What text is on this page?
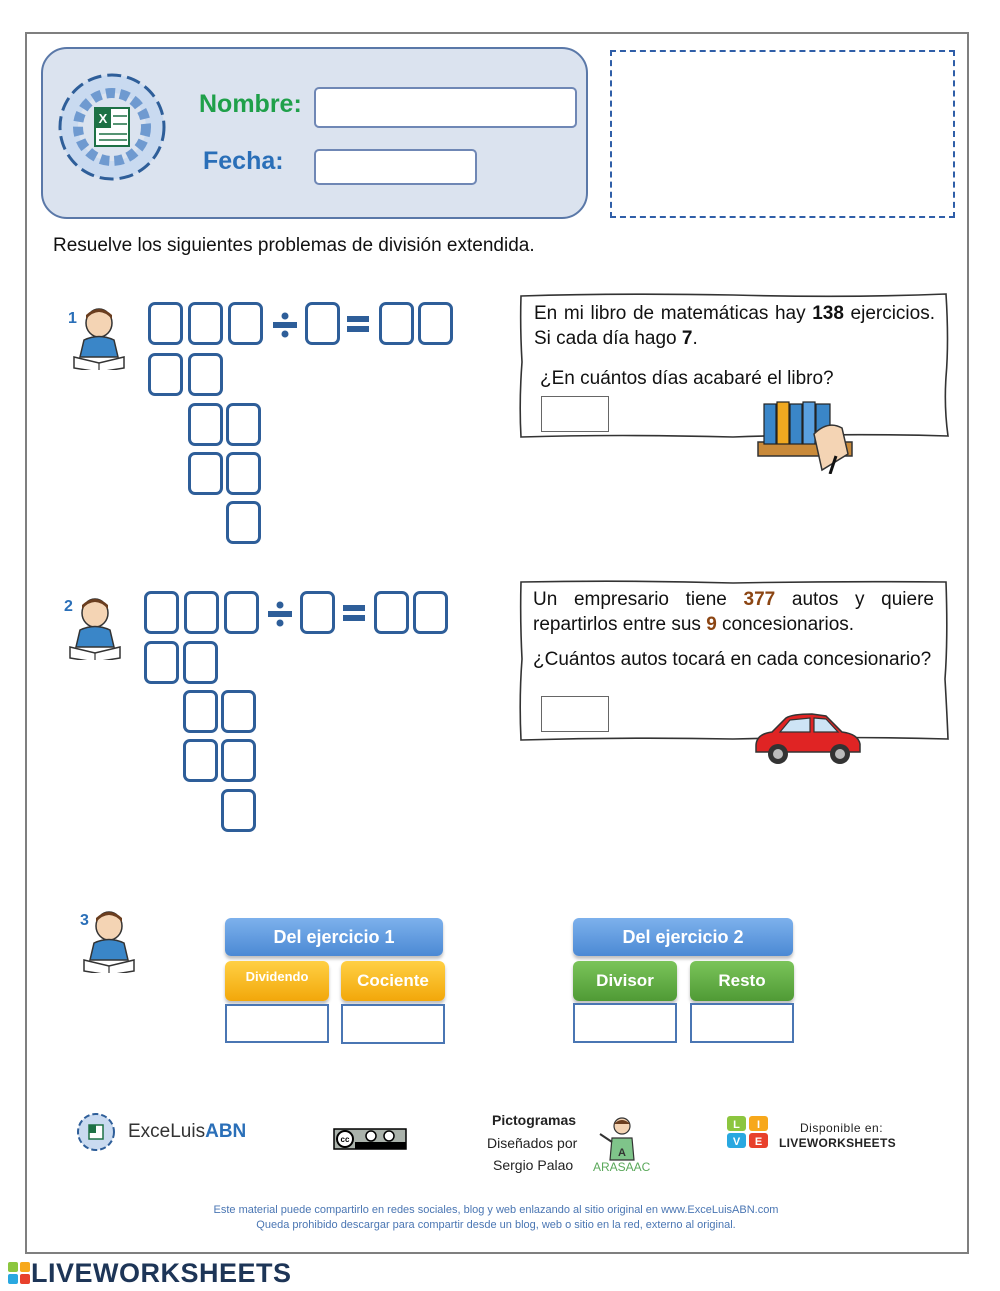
X
Nombre:
Fecha:
Resuelve los siguientes problemas de división extendida.
1
2
3
En mi libro de matemáticas hay 138 ejercicios. Si cada día hago 7.
¿En cuántos días acabaré el libro?
Un empresario tiene 377 autos y quiere repartirlos entre sus 9 concesionarios.
¿Cuántos autos tocará en cada concesionario?
Del ejercicio 1
Dividendo	Cociente
Del ejercicio 2
Divisor	Resto
ExceLuisABN	cc
Pictogramas
Diseñados por
Sergio Palao
A
ARASAAC
L I
V E
Disponible en:
LIVEWORKSHEETS
Este material puede compartirlo en redes sociales, blog y web enlazando al sitio original en www.ExceLuisABN.com
Queda prohibido descargar para compartir desde un blog, web o sitio en la red, externo al original.
LIVEWORKSHEETS
